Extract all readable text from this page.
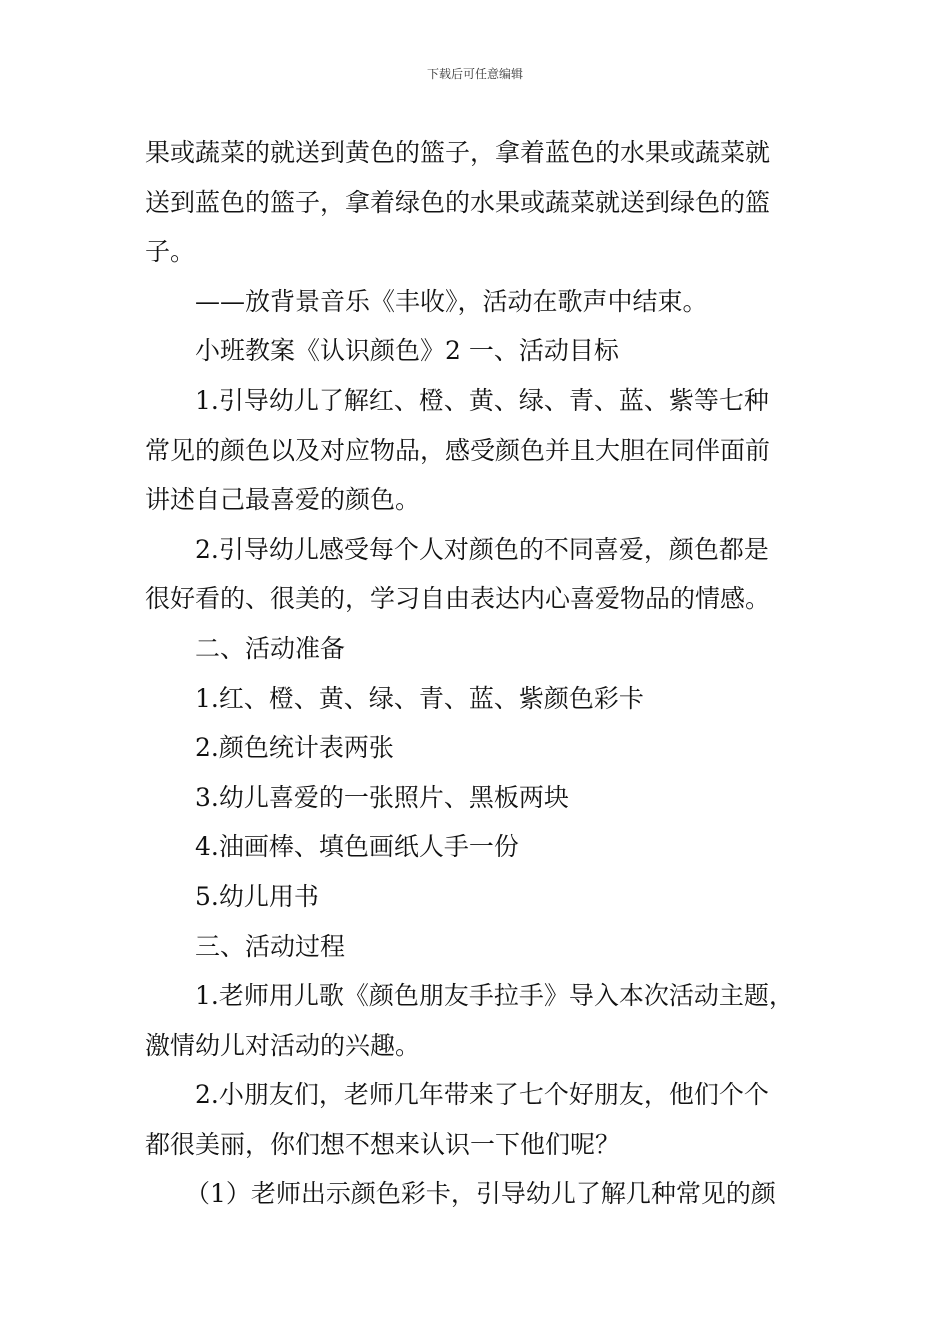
下载后可任意编辑
果或蔬菜的就送到黄色的篮子，拿着蓝色的水果或蔬菜就
送到蓝色的篮子，拿着绿色的水果或蔬菜就送到绿色的篮
子。
——放背景音乐《丰收》，活动在歌声中结束。
小班教案《认识颜色》2 一、活动目标
1.引导幼儿了解红、橙、黄、绿、青、蓝、紫等七种
常见的颜色以及对应物品，感受颜色并且大胆在同伴面前
讲述自己最喜爱的颜色。
2.引导幼儿感受每个人对颜色的不同喜爱，颜色都是
很好看的、很美的，学习自由表达内心喜爱物品的情感。
二、活动准备
1.红、橙、黄、绿、青、蓝、紫颜色彩卡
2.颜色统计表两张
3.幼儿喜爱的一张照片、黑板两块
4.油画棒、填色画纸人手一份
5.幼儿用书
三、活动过程
1.老师用儿歌《颜色朋友手拉手》导入本次活动主题，
激情幼儿对活动的兴趣。
2.小朋友们，老师几年带来了七个好朋友，他们个个
都很美丽，你们想不想来认识一下他们呢？
（1）老师出示颜色彩卡，引导幼儿了解几种常见的颜
